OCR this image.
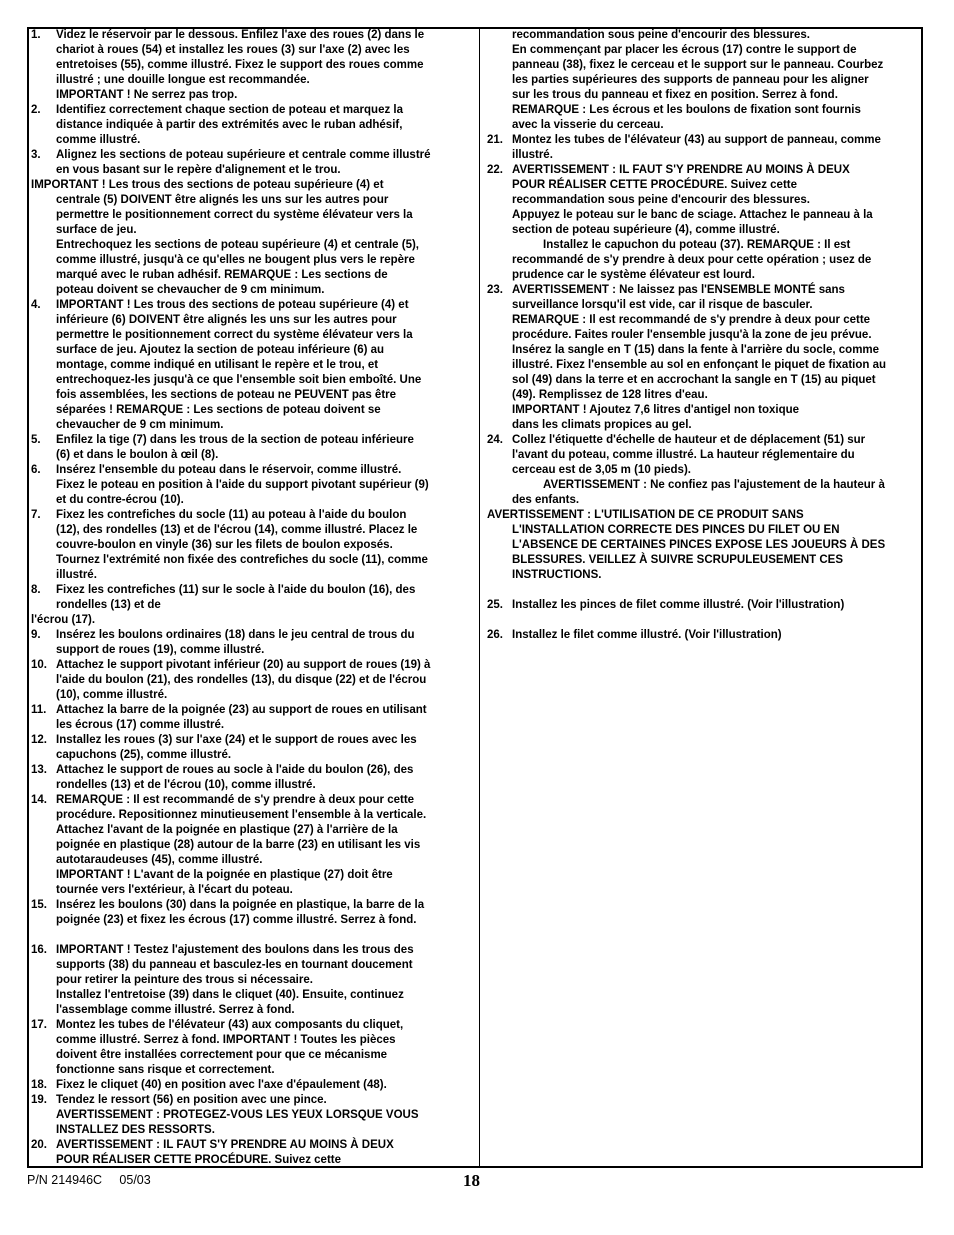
1. Videz le réservoir par le dessous. Enfilez l'axe des roues (2) dans le
chariot à roues (54) et installez les roues (3) sur l'axe (2) avec les
entretoises (55), comme illustré. Fixez le support des roues comme
illustré ; une douille longue est recommandée.
IMPORTANT ! Ne serrez pas trop.
2. Identifiez correctement chaque section de poteau et marquez la
distance indiquée à partir des extrémités avec le ruban adhésif,
comme illustré.
3. Alignez les sections de poteau supérieure et centrale comme illustré
en vous basant sur le repère d'alignement et le trou.
IMPORTANT ! Les trous des sections de poteau supérieure (4) et
centrale (5) DOIVENT être alignés les uns sur les autres pour
permettre le positionnement correct du système élévateur vers la
surface de jeu.
Entrechoquez les sections de poteau supérieure (4) et centrale (5),
comme illustré, jusqu'à ce qu'elles ne bougent plus vers le repère
marqué avec le ruban adhésif. REMARQUE : Les sections de
poteau doivent se chevaucher de 9 cm minimum.
4. IMPORTANT ! Les trous des sections de poteau supérieure (4) et
inférieure (6) DOIVENT être alignés les uns sur les autres pour
permettre le positionnement correct du système élévateur vers la
surface de jeu. Ajoutez la section de poteau inférieure (6) au
montage, comme indiqué en utilisant le repère et le trou, et
entrechoquez-les jusqu'à ce que l'ensemble soit bien emboîté. Une
fois assemblées, les sections de poteau ne PEUVENT pas être
séparées ! REMARQUE : Les sections de poteau doivent se
chevaucher de 9 cm minimum.
5. Enfilez la tige (7) dans les trous de la section de poteau inférieure
(6) et dans le boulon à œil (8).
6. Insérez l'ensemble du poteau dans le réservoir, comme illustré.
Fixez le poteau en position à l'aide du support pivotant supérieur (9)
et du contre-écrou (10).
7. Fixez les contrefiches du socle (11) au poteau à l'aide du boulon
(12), des rondelles (13) et de l'écrou (14), comme illustré. Placez le
couvre-boulon en vinyle (36) sur les filets de boulon exposés.
Tournez l'extrémité non fixée des contrefiches du socle (11), comme
illustré.
8. Fixez les contrefiches (11) sur le socle à l'aide du boulon (16), des
rondelles (13) et de
l'écrou (17).
9. Insérez les boulons ordinaires (18) dans le jeu central de trous du
support de roues (19), comme illustré.
10. Attachez le support pivotant inférieur (20) au support de roues (19) à
l'aide du boulon (21), des rondelles (13), du disque (22) et de l'écrou
(10), comme illustré.
11. Attachez la barre de la poignée (23) au support de roues en utilisant
les écrous (17) comme illustré.
12. Installez les roues (3) sur l'axe (24) et le support de roues avec les
capuchons (25), comme illustré.
13. Attachez le support de roues au socle à l'aide du boulon (26), des
rondelles (13) et de l'écrou (10), comme illustré.
14. REMARQUE : Il est recommandé de s'y prendre à deux pour cette
procédure. Repositionnez minutieusement l'ensemble à la verticale.
Attachez l'avant de la poignée en plastique (27) à l'arrière de la
poignée en plastique (28) autour de la barre (23) en utilisant les vis
autotaraudeuses (45), comme illustré.
IMPORTANT ! L'avant de la poignée en plastique (27) doit être
tournée vers l'extérieur, à l'écart du poteau.
15. Insérez les boulons (30) dans la poignée en plastique, la barre de la
poignée (23) et fixez les écrous (17) comme illustré. Serrez à fond.
16. IMPORTANT ! Testez l'ajustement des boulons dans les trous des
supports (38) du panneau et basculez-les en tournant doucement
pour retirer la peinture des trous si nécessaire.
Installez l'entretoise (39) dans le cliquet (40). Ensuite, continuez
l'assemblage comme illustré. Serrez à fond.
17. Montez les tubes de l'élévateur (43) aux composants du cliquet,
comme illustré. Serrez à fond. IMPORTANT ! Toutes les pièces
doivent être installées correctement pour que ce mécanisme
fonctionne sans risque et correctement.
18. Fixez le cliquet (40) en position avec l'axe d'épaulement (48).
19. Tendez le ressort (56) en position avec une pince.
AVERTISSEMENT : PROTEGEZ-VOUS LES YEUX LORSQUE VOUS
INSTALLEZ DES RESSORTS.
20. AVERTISSEMENT : IL FAUT S'Y PRENDRE AU MOINS À DEUX
POUR RÉALISER CETTE PROCÉDURE. Suivez cette
recommandation sous peine d'encourir des blessures.
En commençant par placer les écrous (17) contre le support de
panneau (38), fixez le cerceau et le support sur le panneau. Courbez
les parties supérieures des supports de panneau pour les aligner
sur les trous du panneau et fixez en position. Serrez à fond.
REMARQUE : Les écrous et les boulons de fixation sont fournis
avec la visserie du cerceau.
21. Montez les tubes de l'élévateur (43) au support de panneau, comme
illustré.
22. AVERTISSEMENT : IL FAUT S'Y PRENDRE AU MOINS À DEUX
POUR RÉALISER CETTE PROCÉDURE. Suivez cette
recommandation sous peine d'encourir des blessures.
Appuyez le poteau sur le banc de sciage. Attachez le panneau à la
section de poteau supérieure (4), comme illustré.
Installez le capuchon du poteau (37). REMARQUE : Il est
recommandé de s'y prendre à deux pour cette opération ; usez de
prudence car le système élévateur est lourd.
23. AVERTISSEMENT : Ne laissez pas l'ENSEMBLE MONTÉ sans
surveillance lorsqu'il est vide, car il risque de basculer.
REMARQUE : Il est recommandé de s'y prendre à deux pour cette
procédure. Faites rouler l'ensemble jusqu'à la zone de jeu prévue.
Insérez la sangle en T (15) dans la fente à l'arrière du socle, comme
illustré. Fixez l'ensemble au sol en enfonçant le piquet de fixation au
sol (49) dans la terre et en accrochant la sangle en T (15) au piquet
(49). Remplissez de 128 litres d'eau.
IMPORTANT ! Ajoutez 7,6 litres d'antigel non toxique
dans les climats propices au gel.
24. Collez l'étiquette d'échelle de hauteur et de déplacement (51) sur
l'avant du poteau, comme illustré. La hauteur réglementaire du
cerceau est de 3,05 m (10 pieds).
AVERTISSEMENT : Ne confiez pas l'ajustement de la hauteur à
des enfants.
AVERTISSEMENT : L'UTILISATION DE CE PRODUIT SANS
L'INSTALLATION CORRECTE DES PINCES DU FILET OU EN
L'ABSENCE DE CERTAINES PINCES EXPOSE LES JOUEURS À DES
BLESSURES. VEILLEZ À SUIVRE SCRUPULEUSEMENT CES
INSTRUCTIONS.
25. Installez les pinces de filet comme illustré. (Voir l'illustration)
26. Installez le filet comme illustré. (Voir l'illustration)
P/N 214946C     05/03	18
